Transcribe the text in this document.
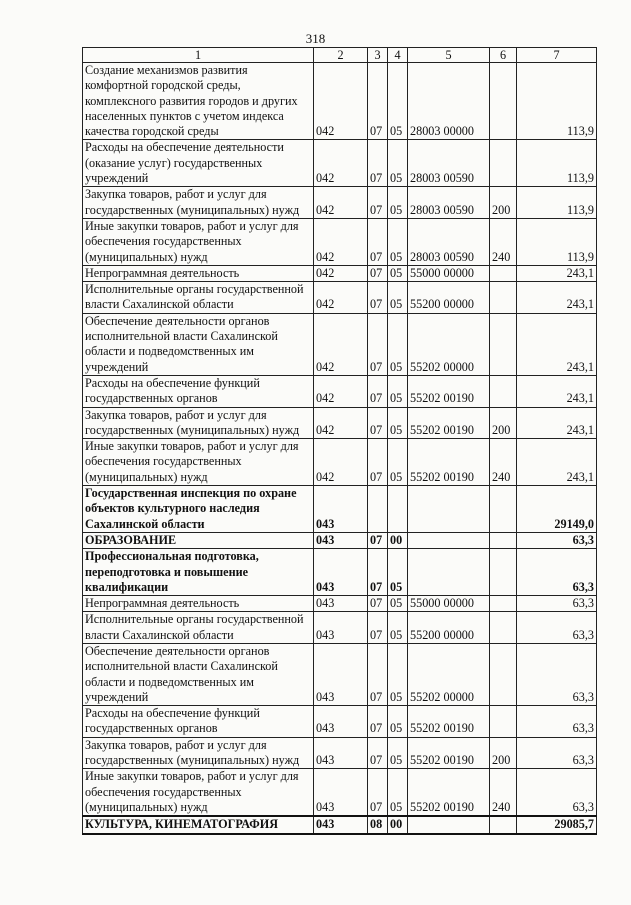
318
1	2	3	4	5	6	7
Создание механизмов развития комфортной городской среды, комплексного развития городов и других населенных пунктов с учетом индекса качества городской среды	042	07	05	28003 00000		113,9
Расходы на обеспечение деятельности (оказание услуг) государственных учреждений	042	07	05	28003 00590		113,9
Закупка товаров, работ и услуг для государственных (муниципальных) нужд	042	07	05	28003 00590	200	113,9
Иные закупки товаров, работ и услуг для обеспечения государственных (муниципальных) нужд	042	07	05	28003 00590	240	113,9
Непрограммная деятельность	042	07	05	55000 00000		243,1
Исполнительные органы государственной власти Сахалинской области	042	07	05	55200 00000		243,1
Обеспечение деятельности органов исполнительной власти Сахалинской области и подведомственных им учреждений	042	07	05	55202 00000		243,1
Расходы на обеспечение функций государственных органов	042	07	05	55202 00190		243,1
Закупка товаров, работ и услуг для государственных (муниципальных) нужд	042	07	05	55202 00190	200	243,1
Иные закупки товаров, работ и услуг для обеспечения государственных (муниципальных) нужд	042	07	05	55202 00190	240	243,1
Государственная инспекция по охране объектов культурного наследия Сахалинской области	043					29149,0
ОБРАЗОВАНИЕ	043	07	00			63,3
Профессиональная подготовка, переподготовка и повышение квалификации	043	07	05			63,3
Непрограммная деятельность	043	07	05	55000 00000		63,3
Исполнительные органы государственной власти Сахалинской области	043	07	05	55200 00000		63,3
Обеспечение деятельности органов исполнительной власти Сахалинской области и подведомственных им учреждений	043	07	05	55202 00000		63,3
Расходы на обеспечение функций государственных органов	043	07	05	55202 00190		63,3
Закупка товаров, работ и услуг для государственных (муниципальных) нужд	043	07	05	55202 00190	200	63,3
Иные закупки товаров, работ и услуг для обеспечения государственных (муниципальных) нужд	043	07	05	55202 00190	240	63,3
КУЛЬТУРА, КИНЕМАТОГРАФИЯ	043	08	00			29085,7
